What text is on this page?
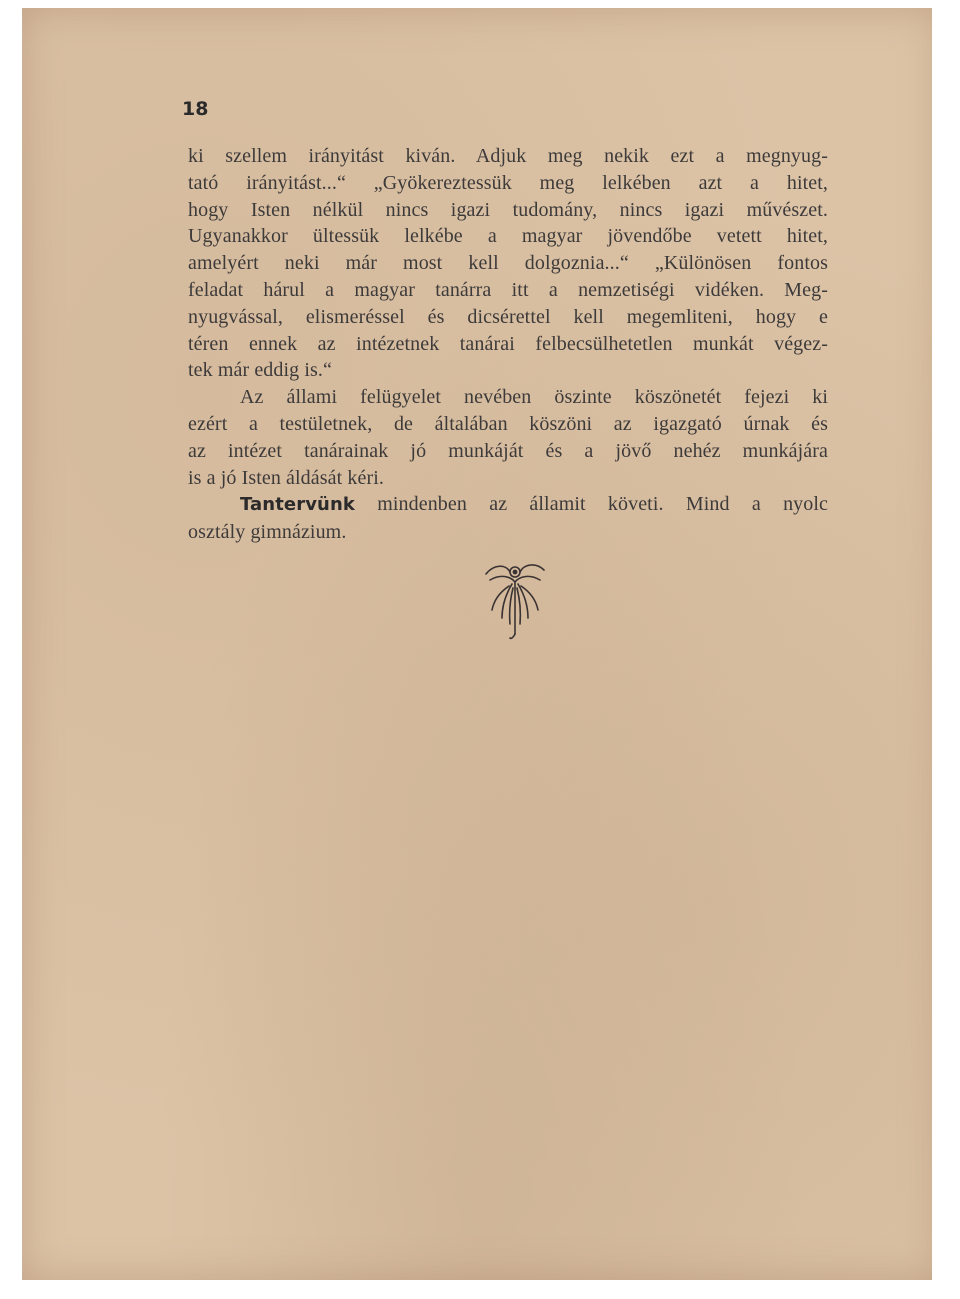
18
ki szellem irányitást kiván. Adjuk meg nekik ezt a megnyug-
tató irányitást...“ „Gyökereztessük meg lelkében azt a hitet,
hogy Isten nélkül nincs igazi tudomány, nincs igazi művészet.
Ugyanakkor ültessük lelkébe a magyar jövendőbe vetett hitet,
amelyért neki már most kell dolgoznia...“ „Különösen fontos
feladat hárul a magyar tanárra itt a nemzetiségi vidéken. Meg-
nyugvással, elismeréssel és dicsérettel kell megemliteni, hogy e
téren ennek az intézetnek tanárai felbecsülhetetlen munkát végez-
tek már eddig is.“
Az állami felügyelet nevében öszinte köszönetét fejezi ki
ezért a testületnek, de általában köszöni az igazgató úrnak és
az intézet tanárainak jó munkáját és a jövő nehéz munkájára
is a jó Isten áldását kéri.
Tantervünk mindenben az államit követi. Mind a nyolc
osztály gimnázium.
